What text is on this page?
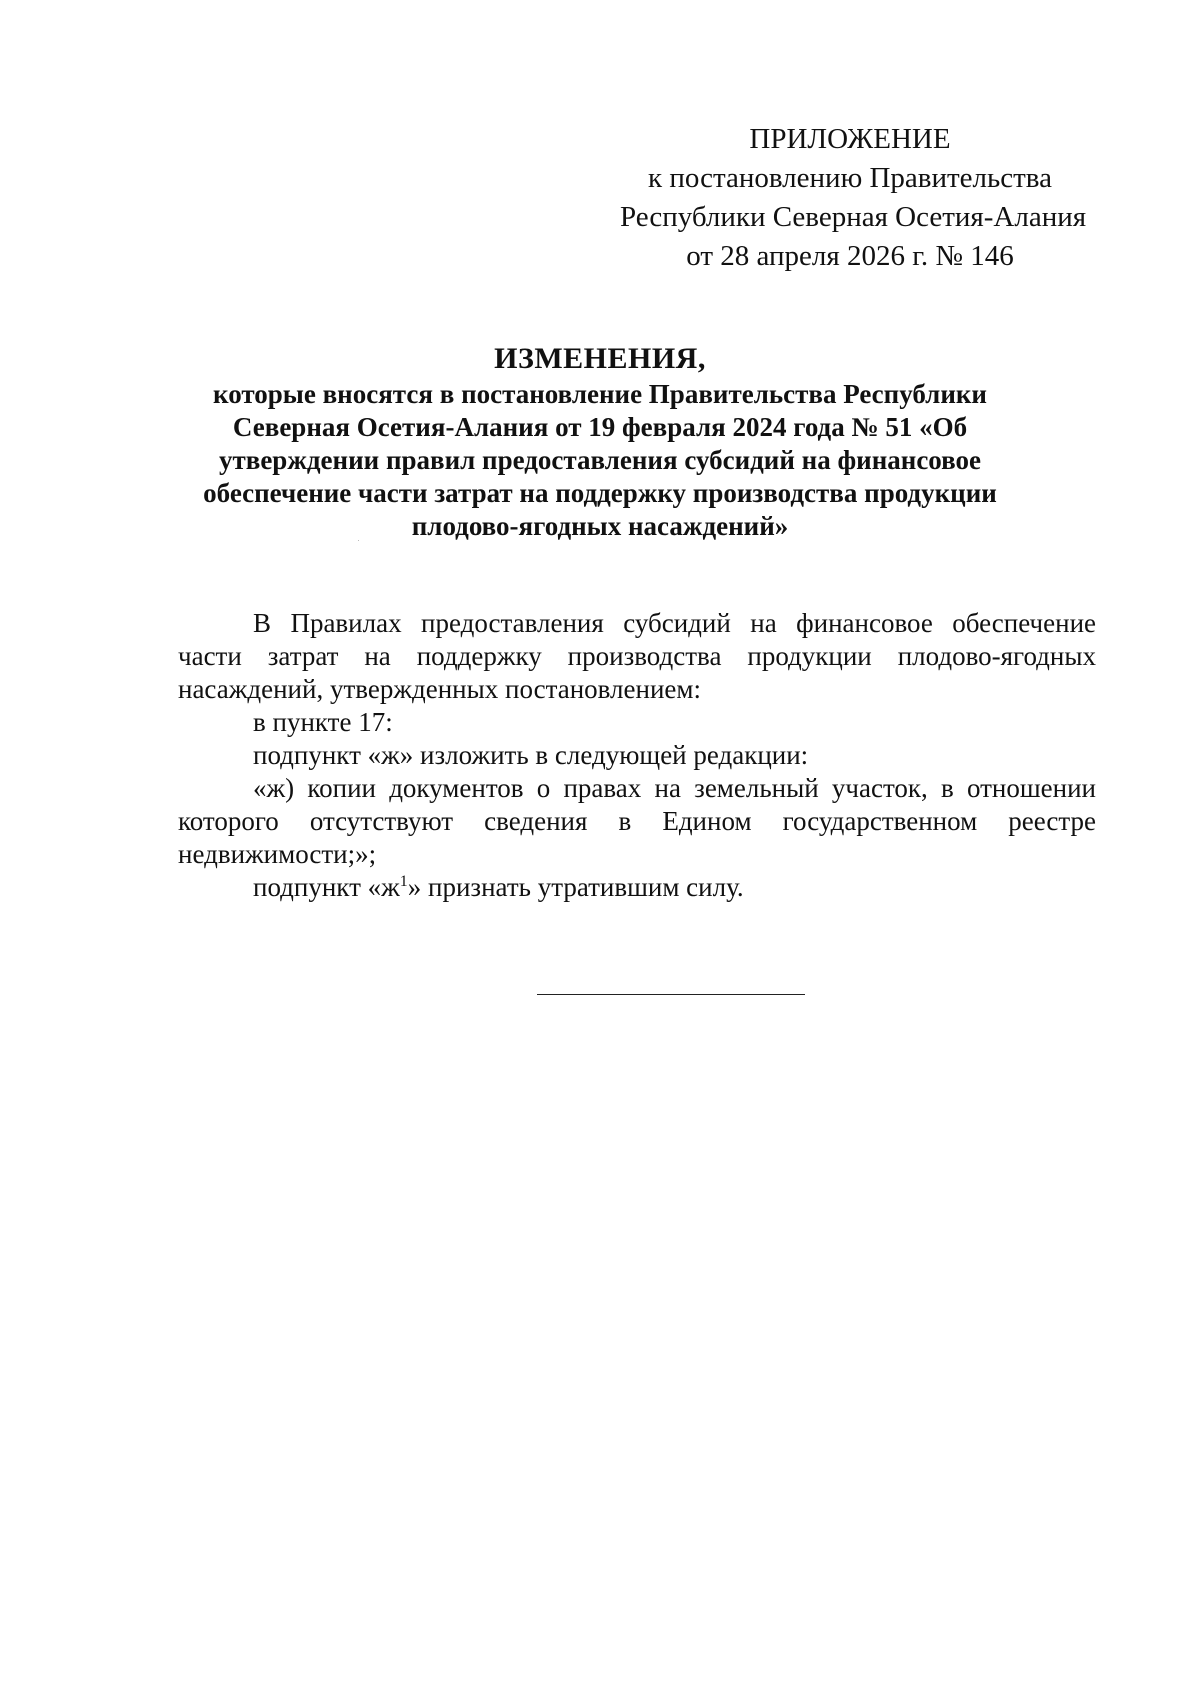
ПРИЛОЖЕНИЕ
к постановлению Правительства
Республики Северная Осетия-Алания
от 28 апреля 2026 г. № 146
ИЗМЕНЕНИЯ,
которые вносятся в постановление Правительства Республики
Северная Осетия-Алания от 19 февраля 2024 года № 51 «Об
утверждении правил предоставления субсидий на финансовое
обеспечение части затрат на поддержку производства продукции
плодово-ягодных насаждений»
В Правилах предоставления субсидий на финансовое обеспечение
части затрат на поддержку производства продукции плодово-ягодных
насаждений, утвержденных постановлением:

в пункте 17:

подпункт «ж» изложить в следующей редакции:

«ж) копии документов о правах на земельный участок, в отношении
которого отсутствуют сведения в Едином государственном реестре
недвижимости;»;

подпункт «$ж^1$» признать утратившим силу.
